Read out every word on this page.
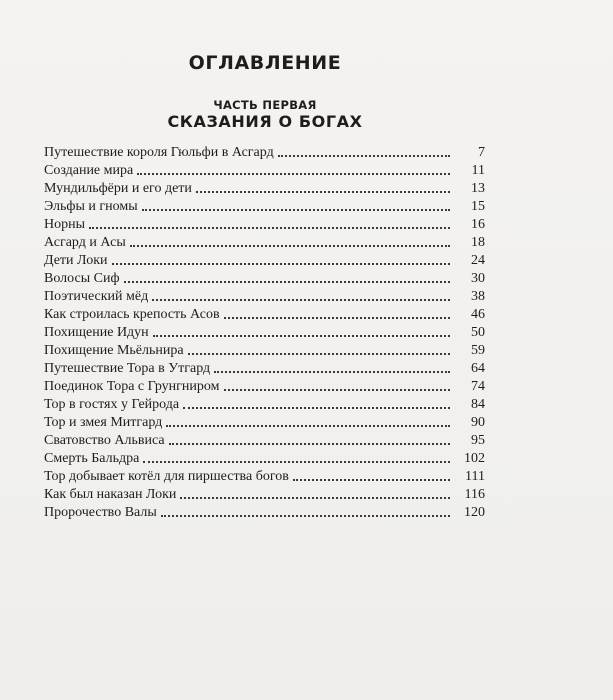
ОГЛАВЛЕНИЕ
ЧАСТЬ ПЕРВАЯ
СКАЗАНИЯ О БОГАХ
Путешествие короля Гюльфи в Асгард	7
Создание мира	11
Мундильфёри и его дети	13
Эльфы и гномы	15
Норны	16
Асгард и Асы	18
Дети Локи	24
Волосы Сиф	30
Поэтический мёд	38
Как строилась крепость Асов	46
Похищение Идун	50
Похищение Мьёльнира	59
Путешествие Тора в Утгард	64
Поединок Тора с Грунгниром	74
Тор в гостях у Гейрода	84
Тор и змея Митгард	90
Сватовство Альвиса	95
Смерть Бальдра	102
Тор добывает котёл для пиршества богов	111
Как был наказан Локи	116
Пророчество Валы	120
